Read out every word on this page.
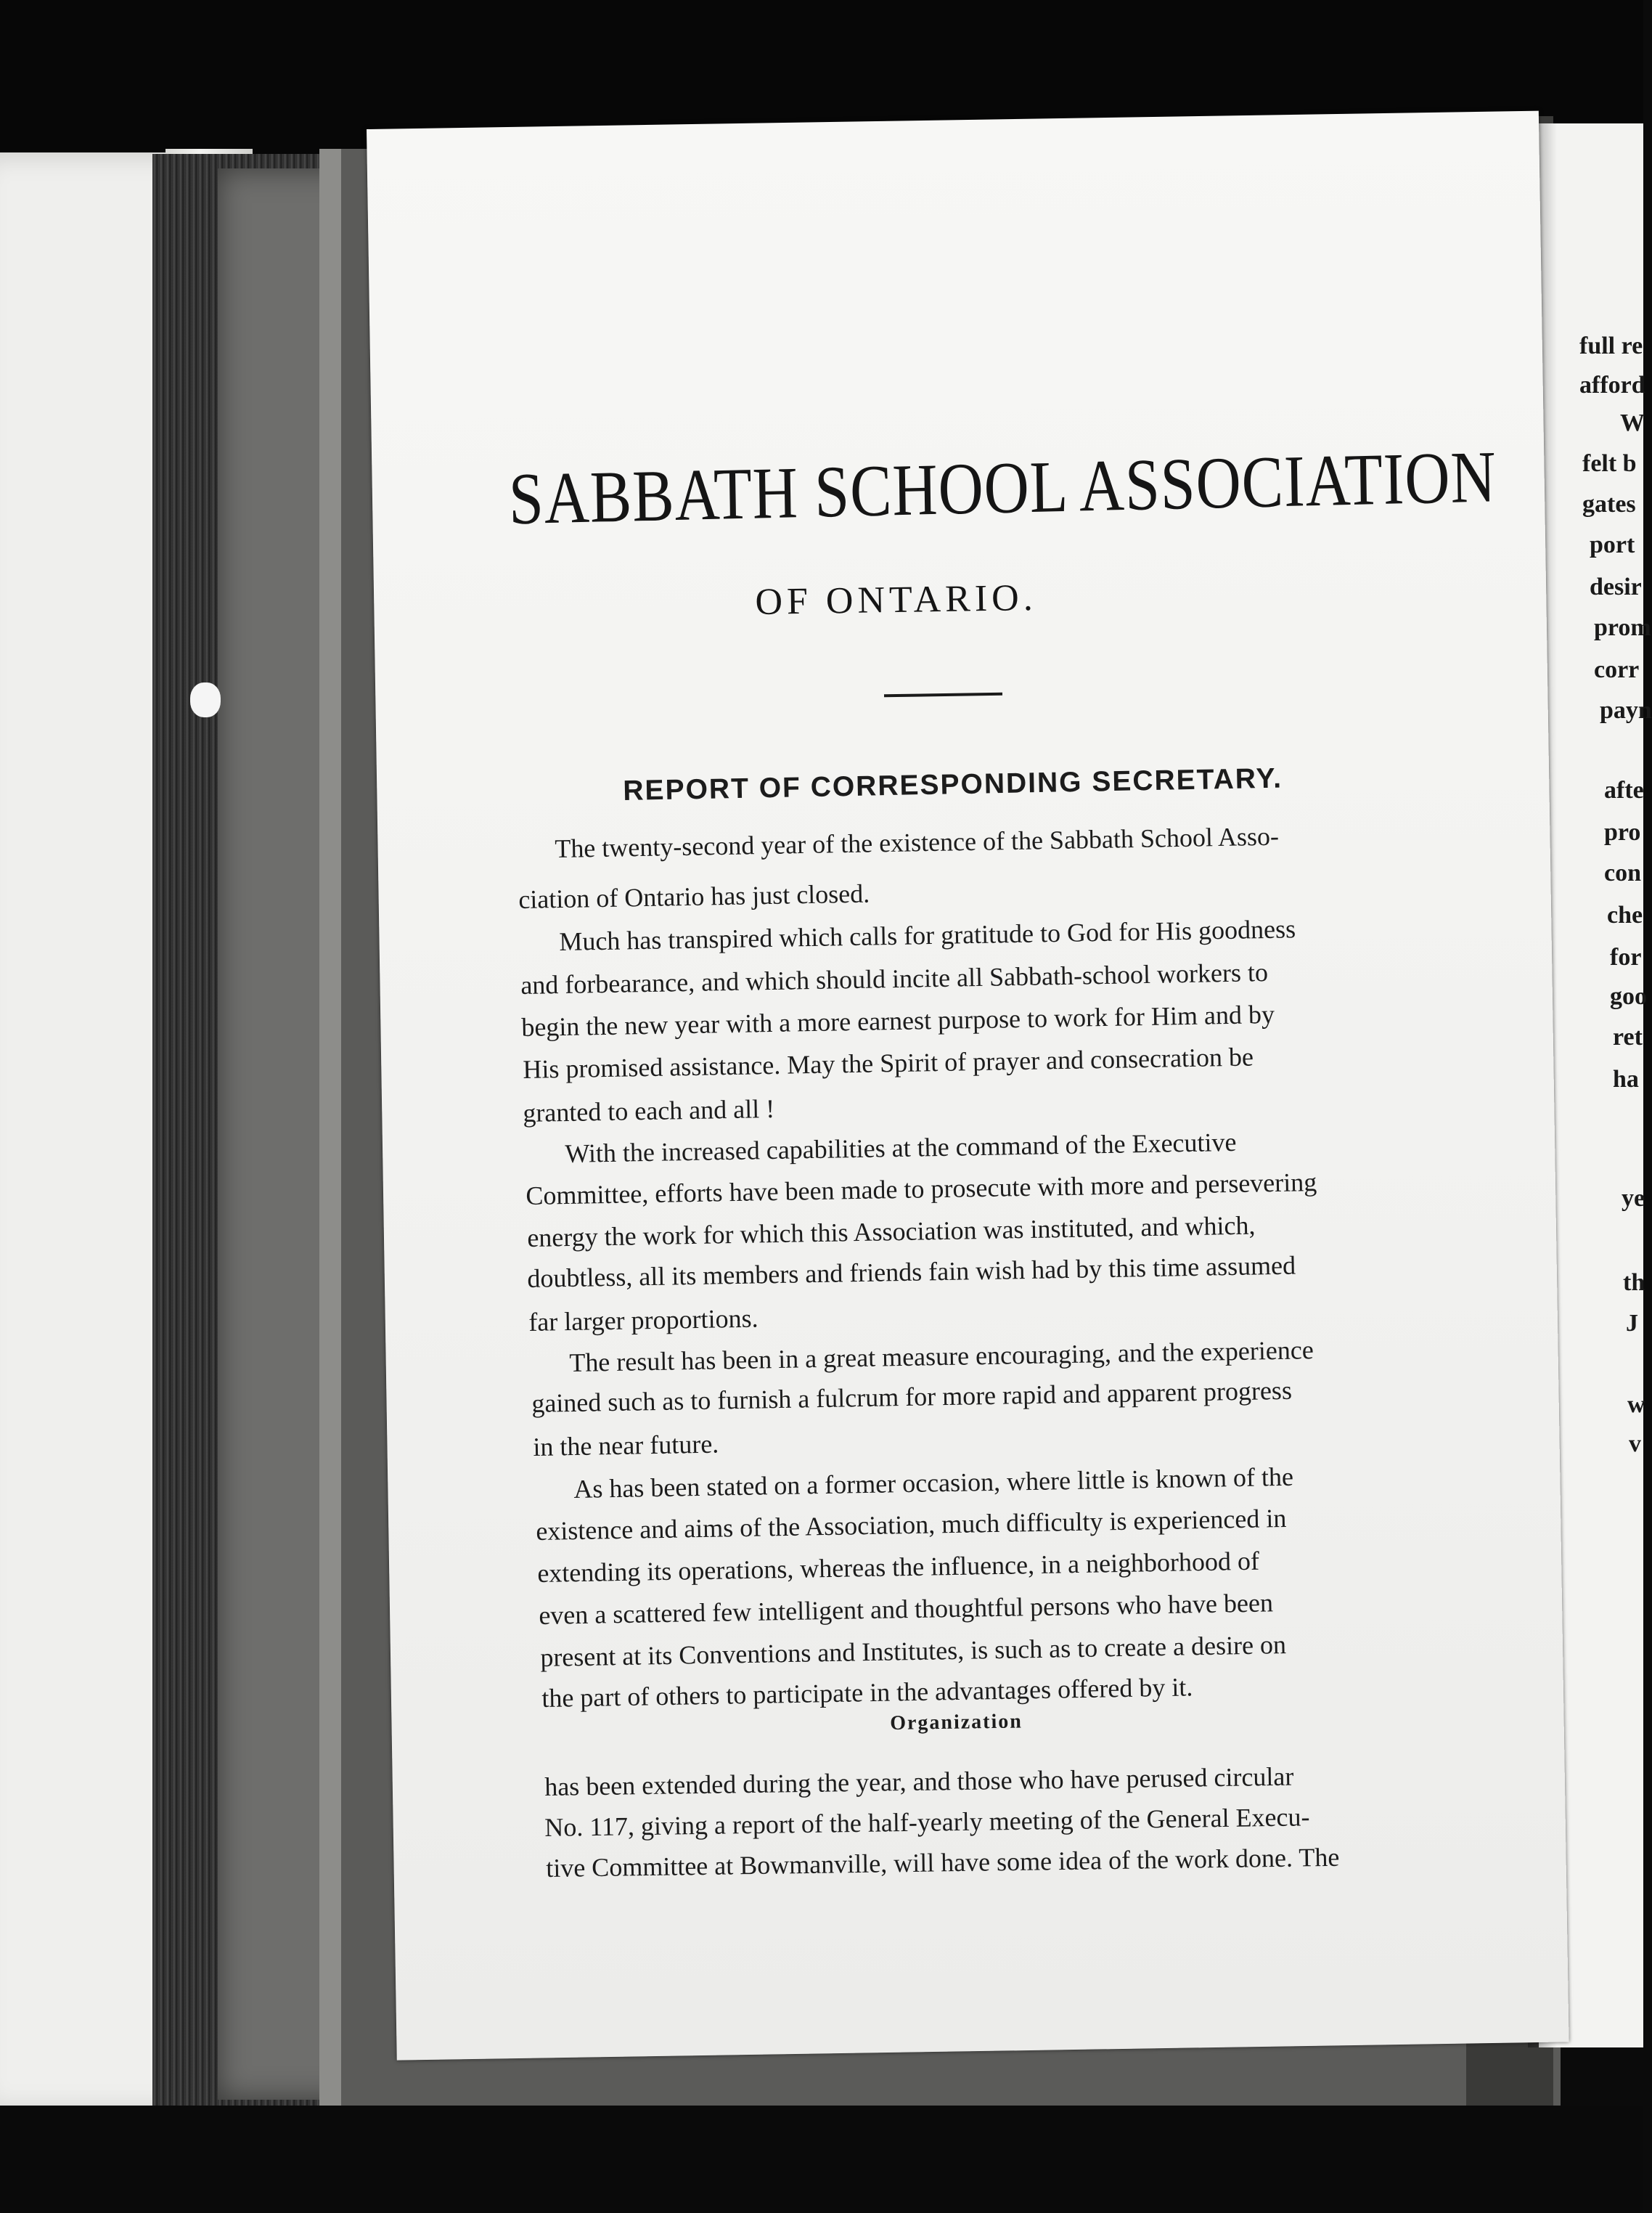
SABBATH SCHOOL ASSOCIATION
OF ONTARIO.
REPORT OF CORRESPONDING SECRETARY.
The twenty-second year of the existence of the Sabbath School Asso-
ciation of Ontario has just closed.
Much has transpired which calls for gratitude to God for His goodness
and forbearance, and which should incite all Sabbath-school workers to
begin the new year with a more earnest purpose to work for Him and by
His promised assistance. May the Spirit of prayer and consecration be
granted to each and all !
With the increased capabilities at the command of the Executive
Committee, efforts have been made to prosecute with more and persevering
energy the work for which this Association was instituted, and which,
doubtless, all its members and friends fain wish had by this time assumed
far larger proportions.
The result has been in a great measure encouraging, and the experience
gained such as to furnish a fulcrum for more rapid and apparent progress
in the near future.
As has been stated on a former occasion, where little is known of the
existence and aims of the Association, much difficulty is experienced in
extending its operations, whereas the influence, in a neighborhood of
even a scattered few intelligent and thoughtful persons who have been
present at its Conventions and Institutes, is such as to create a desire on
the part of others to participate in the advantages offered by it.
Organization
has been extended during the year, and those who have perused circular
No. 117, giving a report of the half-yearly meeting of the General Execu-
tive Committee at Bowmanville, will have some idea of the work done. The
full re
afford
W
felt b
gates
port
desir
prom
corr
payn
afte
pro
con
che
for
goo
ret
ha
ye
th
J
w
v
